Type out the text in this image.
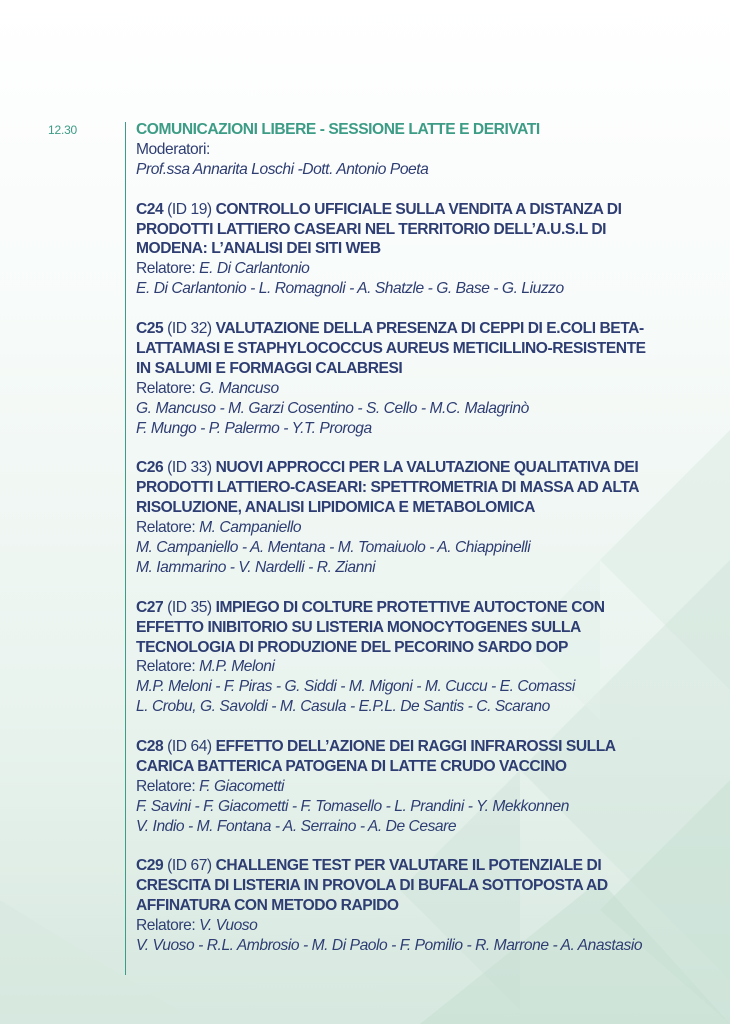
12.30	COMUNICAZIONI LIBERE - SESSIONE LATTE E DERIVATI
Moderatori:
Prof.ssa Annarita Loschi -Dott. Antonio Poeta
C24 (ID 19) CONTROLLO UFFICIALE SULLA VENDITA A DISTANZA DI
PRODOTTI LATTIERO CASEARI NEL TERRITORIO DELL’A.U.S.L DI
MODENA: L’ANALISI DEI SITI WEB
Relatore: E. Di Carlantonio
E. Di Carlantonio - L. Romagnoli - A. Shatzle - G. Base - G. Liuzzo
C25 (ID 32) VALUTAZIONE DELLA PRESENZA DI CEPPI DI E.COLI BETA-
LATTAMASI E STAPHYLOCOCCUS AUREUS METICILLINO-RESISTENTE
IN SALUMI E FORMAGGI CALABRESI
Relatore: G. Mancuso
G. Mancuso - M. Garzi Cosentino - S. Cello - M.C. Malagrinò
F. Mungo - P. Palermo - Y.T. Proroga
C26 (ID 33) NUOVI APPROCCI PER LA VALUTAZIONE QUALITATIVA DEI
PRODOTTI LATTIERO-CASEARI: SPETTROMETRIA DI MASSA AD ALTA
RISOLUZIONE, ANALISI LIPIDOMICA E METABOLOMICA
Relatore: M. Campaniello
M. Campaniello - A. Mentana - M. Tomaiuolo - A. Chiappinelli
M. Iammarino - V. Nardelli - R. Zianni
C27 (ID 35) IMPIEGO DI COLTURE PROTETTIVE AUTOCTONE CON
EFFETTO INIBITORIO SU LISTERIA MONOCYTOGENES SULLA
TECNOLOGIA DI PRODUZIONE DEL PECORINO SARDO DOP
Relatore: M.P. Meloni
M.P. Meloni - F. Piras - G. Siddi - M. Migoni - M. Cuccu - E. Comassi
L. Crobu, G. Savoldi - M. Casula - E.P.L. De Santis - C. Scarano
C28 (ID 64) EFFETTO DELL’AZIONE DEI RAGGI INFRAROSSI SULLA
CARICA BATTERICA PATOGENA DI LATTE CRUDO VACCINO
Relatore: F. Giacometti
F. Savini - F. Giacometti - F. Tomasello - L. Prandini - Y. Mekkonnen
V. Indio - M. Fontana - A. Serraino - A. De Cesare
C29 (ID 67) CHALLENGE TEST PER VALUTARE IL POTENZIALE DI
CRESCITA DI LISTERIA IN PROVOLA DI BUFALA SOTTOPOSTA AD
AFFINATURA CON METODO RAPIDO
Relatore: V. Vuoso
V. Vuoso - R.L. Ambrosio - M. Di Paolo - F. Pomilio - R. Marrone - A. Anastasio
